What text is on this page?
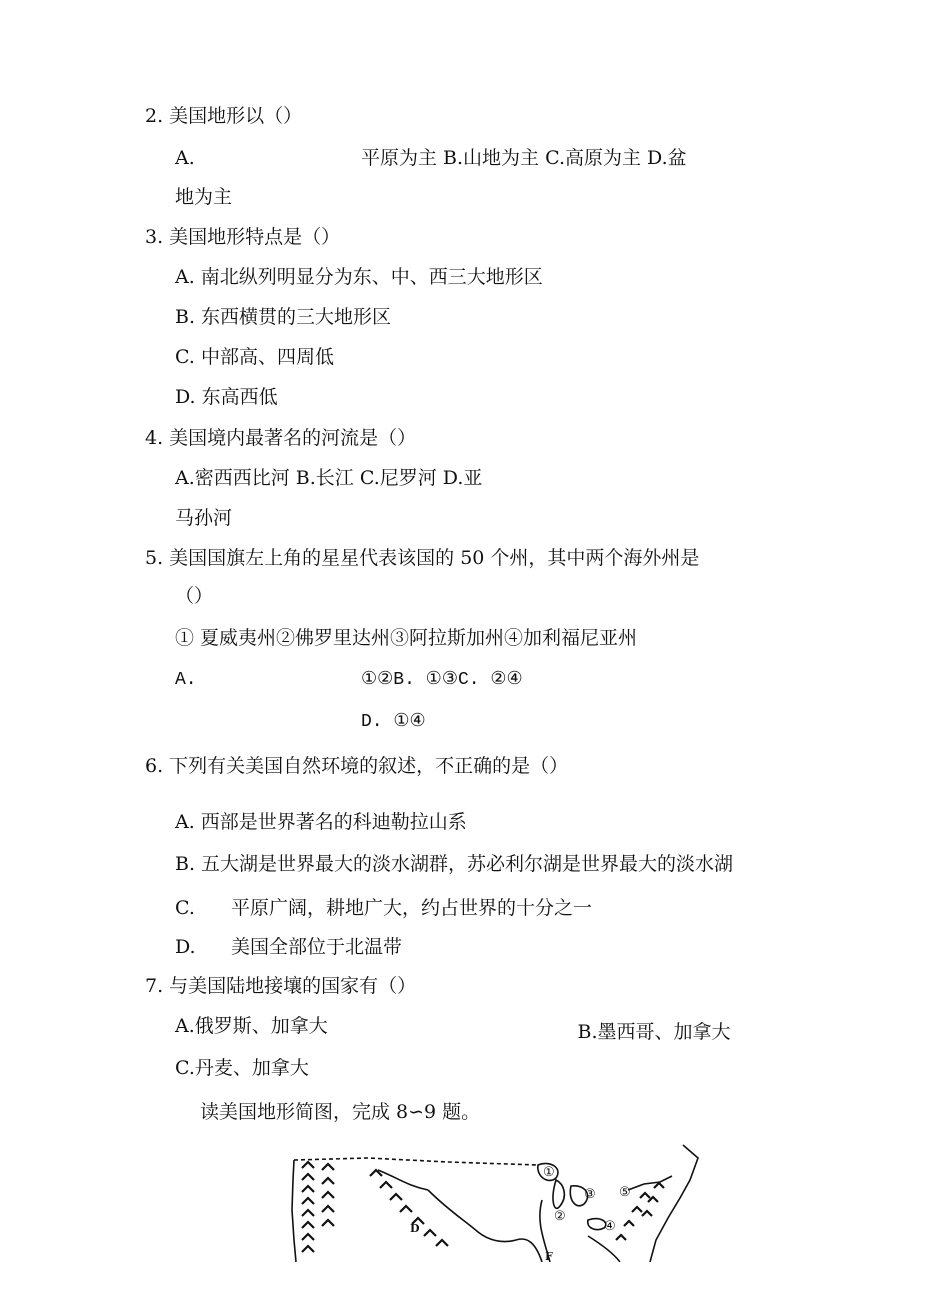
2. 美国地形以（）
A.	平原为主 B.山地为主 C.高原为主 D.盆
地为主
3. 美国地形特点是（）
A. 南北纵列明显分为东、中、西三大地形区
B. 东西横贯的三大地形区
C. 中部高、四周低
D. 东高西低
4. 美国境内最著名的河流是（）
A.密西西比河 B.长江 C.尼罗河 D.亚
马孙河
5. 美国国旗左上角的星星代表该国的 50 个州，其中两个海外州是
（）
① 夏威夷州②佛罗里达州③阿拉斯加州④加利福尼亚州
A.	①②B. ①③C. ②④
D. ①④
6. 下列有关美国自然环境的叙述，不正确的是（）
A. 西部是世界著名的科迪勒拉山系
B. 五大湖是世界最大的淡水湖群，苏必利尔湖是世界最大的淡水湖
C. 平原广阔，耕地广大，约占世界的十分之一
D. 美国全部位于北温带
7. 与美国陆地接壤的国家有（）
A.俄罗斯、加拿大	B.墨西哥、加拿大
C.丹麦、加拿大
读美国地形简图，完成 8∽9 题。
①
②
③
④
⑤
D
F
